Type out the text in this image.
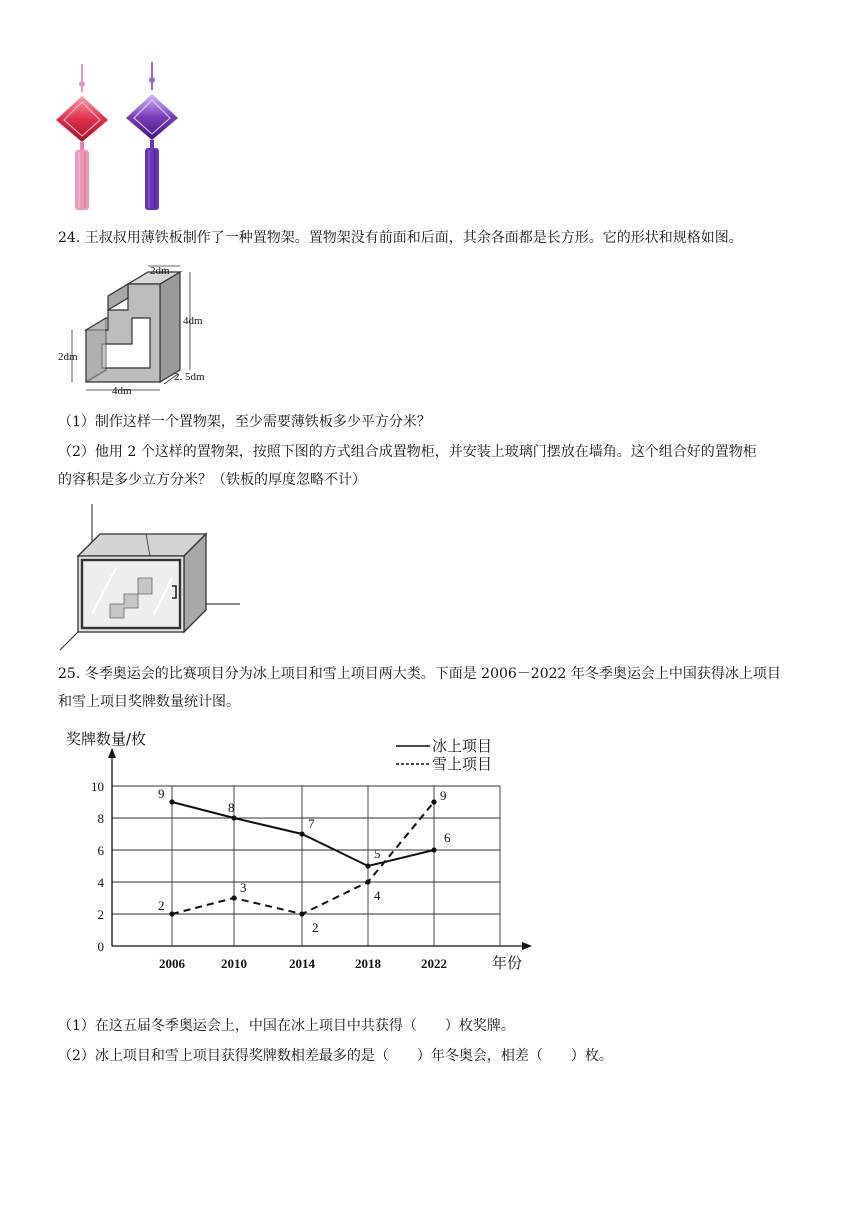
24. 王叔叔用薄铁板制作了一种置物架。置物架没有前面和后面，其余各面都是长方形。它的形状和规格如图。
2dm
4dm
2dm
4dm
2. 5dm
（1）制作这样一个置物架，至少需要薄铁板多少平方分米？
（2）他用 2 个这样的置物架，按照下图的方式组合成置物柜，并安装上玻璃门摆放在墙角。这个组合好的置物柜
的容积是多少立方分米？（铁板的厚度忽略不计）
25. 冬季奥运会的比赛项目分为冰上项目和雪上项目两大类。下面是 2006－2022 年冬季奥运会上中国获得冰上项目
和雪上项目奖牌数量统计图。
奖牌数量/枚
年份
冰上项目
雪上项目
0
2
4
6
8
10
2006	2010	2014	2018	2022
9
8
7
5
6
2
3
2
4
9
（1）在这五届冬季奥运会上，中国在冰上项目中共获得（　　）枚奖牌。
（2）冰上项目和雪上项目获得奖牌数相差最多的是（　　）年冬奥会，相差（　　）枚。
